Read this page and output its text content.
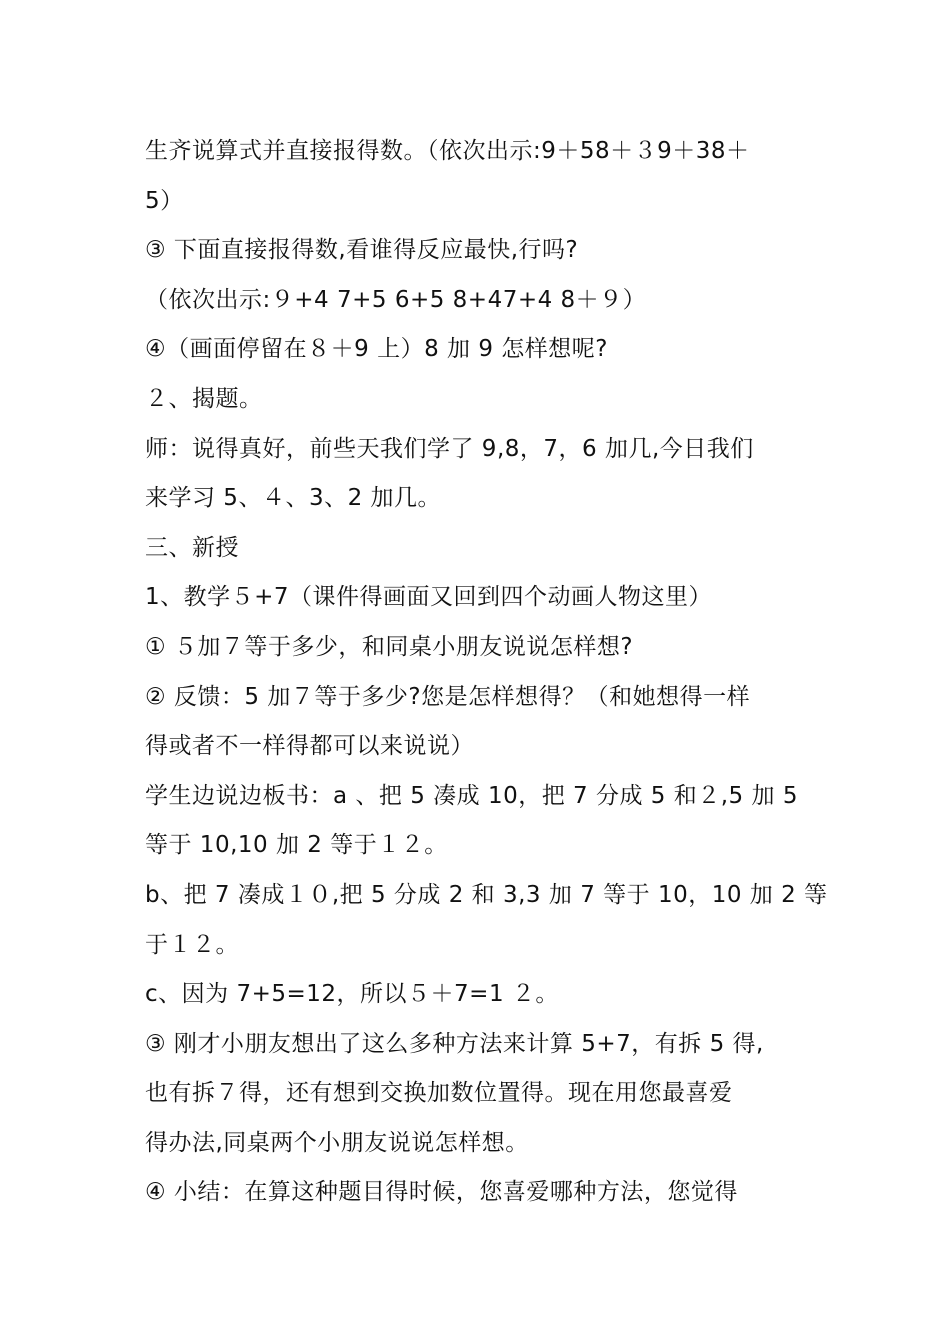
生齐说算式并直接报得数。（依次出示:9＋58＋３9＋38＋
5）
③ 下面直接报得数,看谁得反应最快,行吗?
（依次出示:９+4 7+5 6+5 8+47+4 8＋９）
④（画面停留在８＋9 上）8 加 9 怎样想呢?
２、揭题。
师：说得真好，前些天我们学了 9,8，7，6 加几,今日我们
来学习 5、４、3、2 加几。
三、新授
1、教学５+7（课件得画面又回到四个动画人物这里）
① ５加７等于多少，和同桌小朋友说说怎样想?
② 反馈：5 加７等于多少?您是怎样想得？（和她想得一样
得或者不一样得都可以来说说）
学生边说边板书：a 、把 5 凑成 10，把 7 分成 5 和２,5 加 5
等于 10,10 加 2 等于１２。
b、把 7 凑成１０,把 5 分成 2 和 3,3 加 7 等于 10，10 加 2 等
于１２。
c、因为 7+5=12，所以５＋7=1 ２。
③ 刚才小朋友想出了这么多种方法来计算 5+7，有拆 5 得,
也有拆７得，还有想到交换加数位置得。现在用您最喜爱
得办法,同桌两个小朋友说说怎样想。
④ 小结：在算这种题目得时候，您喜爱哪种方法，您觉得
